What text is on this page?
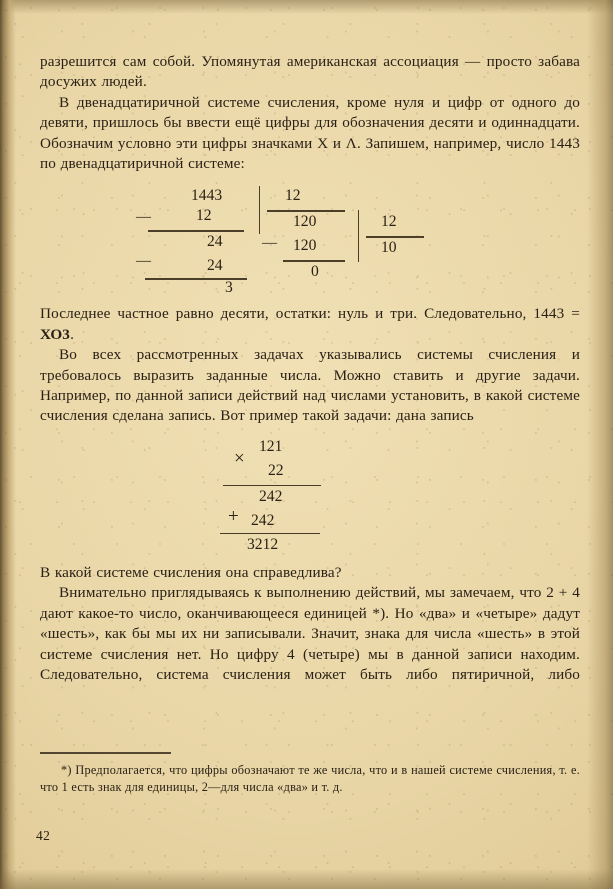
разрешится сам собой. Упомянутая американская ассоциация — просто забава досужих людей.

В двенадцатиричной системе счисления, кроме нуля и цифр от одного до девяти, пришлось бы ввести ещё цифры для обозначения десяти и одиннадцати. Обозначим условно эти цифры значками Х и Λ. Запишем, например, число 1443 по двенадцатиричной системе:

1443
—	12
24
—	24
3
12
120
— 120
0
12
10

Последнее частное равно десяти, остатки: нуль и три. Следовательно, 1443 = ХО3.

Во всех рассмотренных задачах указывались системы счисления и требовалось выразить заданные числа. Можно ставить и другие задачи. Например, по данной записи действий над числами установить, в какой системе счисления сделана запись. Вот пример такой задачи: дана запись

×
121
22
242
+ 242
3212

В какой системе счисления она справедлива?

Внимательно приглядываясь к выполнению действий, мы замечаем, что 2 + 4 дают какое-то число, оканчивающееся единицей *). Но «два» и «четыре» дадут «шесть», как бы мы их ни записывали. Значит, знака для числа «шесть» в этой системе счисления нет. Но цифру 4 (четыре) мы в данной записи находим. Следовательно, система счисления может быть либо пятиричной, либо

*) Предполагается, что цифры обозначают те же числа, что и в нашей системе счисления, т. е. что 1 есть знак для единицы, 2—для числа «два» и т. д.
42
